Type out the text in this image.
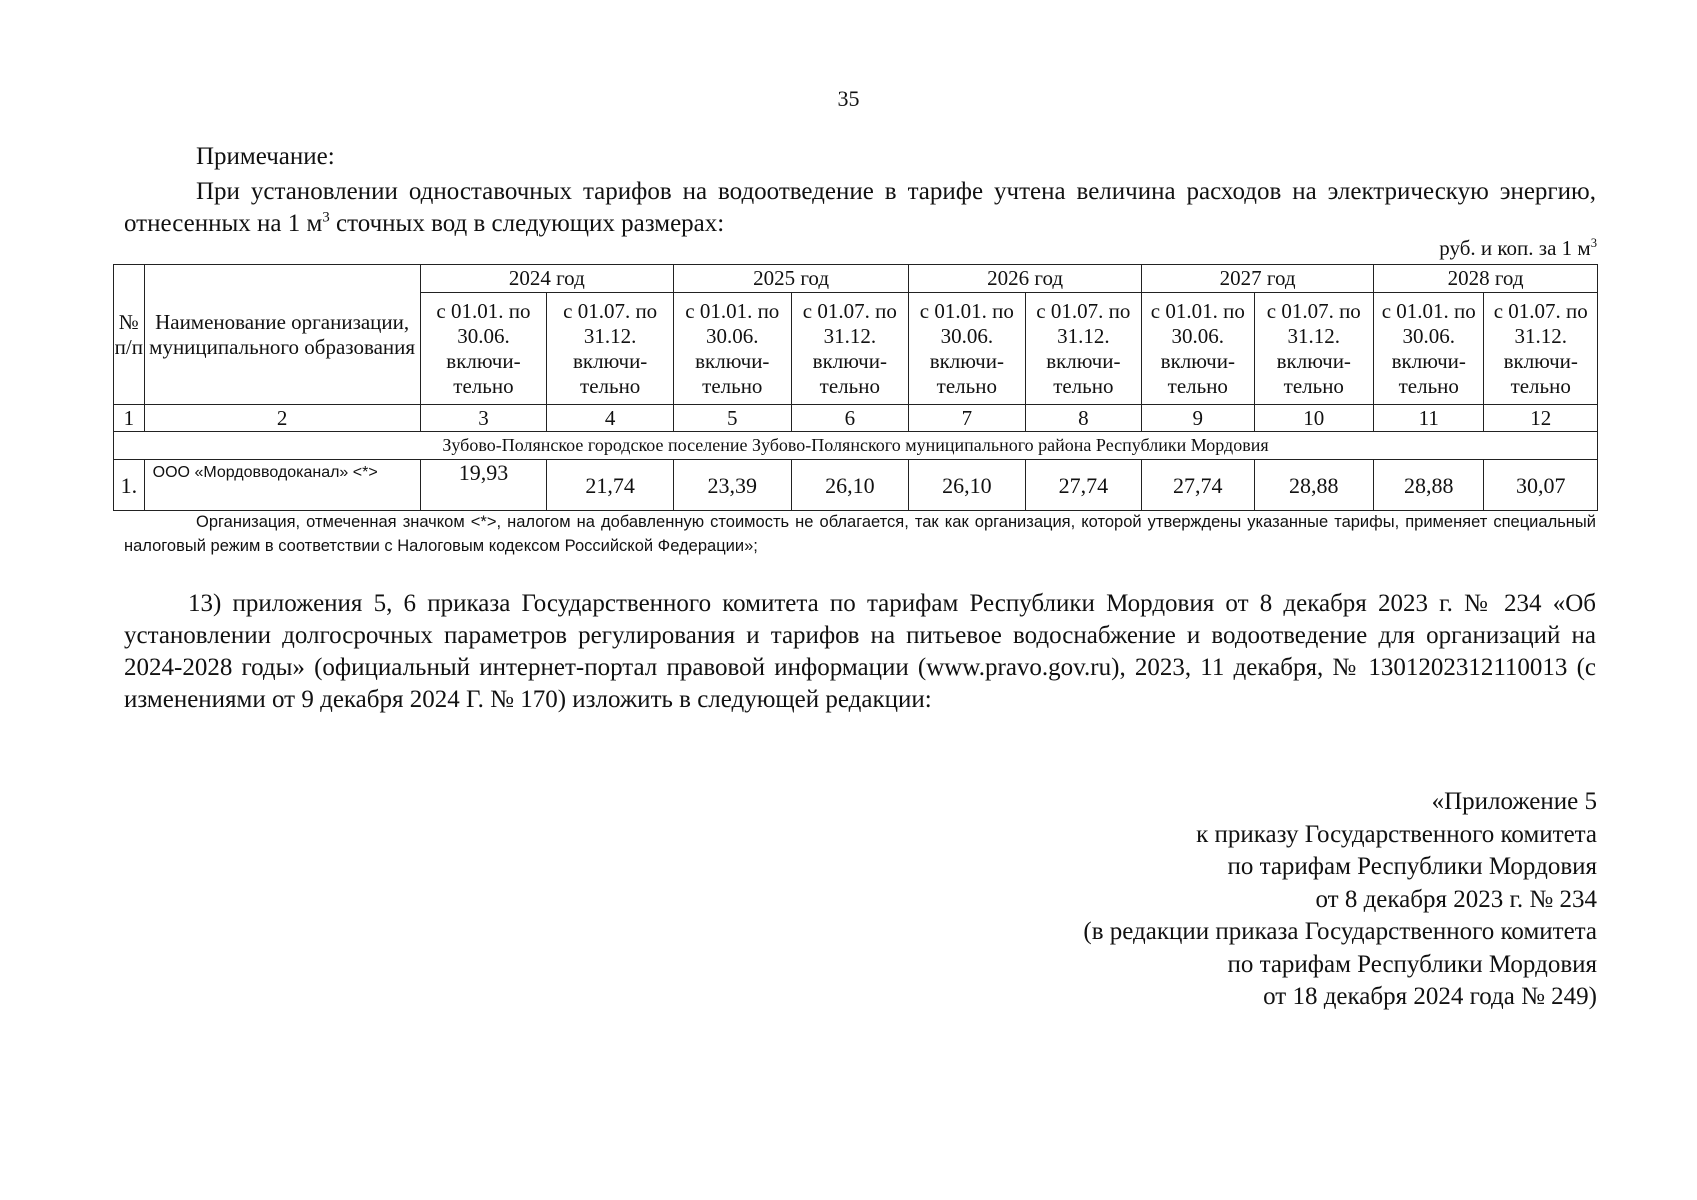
35
Примечание:
При установлении одноставочных тарифов на водоотведение в тарифе учтена величина расходов на электрическую энергию, отнесенных на 1 $м^3$ сточных вод в следующих размерах:
руб. и коп. за 1 $м^3$
№ п/п	Наименование организации, муниципального образования	2024 год		2025 год		2026 год		2027 год		2028 год	
		с 01.01. по 30.06. включи- тельно	с 01.07. по 31.12. включи- тельно	с 01.01. по 30.06. включи- тельно	с 01.07. по 31.12. включи- тельно	с 01.01. по 30.06. включи- тельно	с 01.07. по 31.12. включи- тельно	с 01.01. по 30.06. включи- тельно	с 01.07. по 31.12. включи- тельно	с 01.01. по 30.06. включи- тельно	с 01.07. по 31.12. включи- тельно
1	2	3	4	5	6	7	8	9	10	11	12
Зубово-Полянское городское поселение Зубово-Полянского муниципального района Республики Мордовия											
1.	ООО «Мордовводоканал» <*>	19,93	21,74	23,39	26,10	26,10	27,74	27,74	28,88	28,88	30,07
Организация, отмеченная значком <*>, налогом на добавленную стоимость не облагается, так как организация, которой утверждены указанные тарифы, применяет специальный налоговый режим в соответствии с Налоговым кодексом Российской Федерации»;
13) приложения 5, 6 приказа Государственного комитета по тарифам Республики Мордовия от 8 декабря 2023 г. № 234 «Об установлении долгосрочных параметров регулирования и тарифов на питьевое водоснабжение и водоотведение для организаций на 2024-2028 годы» (официальный интернет-портал правовой информации (www.pravo.gov.ru), 2023, 11 декабря, № 1301202312110013 (с изменениями от 9 декабря 2024 Г. № 170) изложить в следующей редакции:
«Приложение 5
к приказу Государственного комитета
по тарифам Республики Мордовия
от 8 декабря 2023 г. № 234
(в редакции приказа Государственного комитета
по тарифам Республики Мордовия
от 18 декабря 2024 года № 249)
